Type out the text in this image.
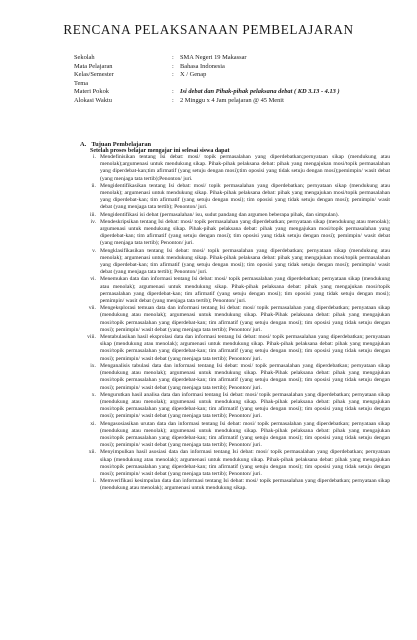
RENCANA PELAKSANAAN PEMBELAJARAN
Sekolah	: SMA Negeri 19 Makassar
Mata Pelajaran	: Bahasa Indonesia
Kelas/Semester	: X / Genap
Tema
Materi Pokok	: Isi debat dan Pihak-pihak pelaksana debat ( KD 3.13 - 4.13 )
Alokasi Waktu	: 2 Minggu x 4 Jam pelajaran @ 45 Menit
A. Tujuan Pembelajaran
Setelah proses belajar mengajar ini selesai siswa dapat
i. Mendefinisikan tentang Isi debat: mosi/ topik permasalahan yang diperdebatkan;pernyataan sikap (mendukung atau menolak);argumenasi untuk mendukung sikap. Pihak-pihak pelaksana debat: pihak yang mengajukan mosi/topik permasalahan yang diperdebat-kan;tim afirmatif (yang setuju dengan mosi);tim oposisi yang tidak setuju dengan mosi);pemimpin/ wasit debat (yang menjaga tata tertib);Penonton/ juri.
ii. Mengidentifikasikan tentang Isi debat: mosi/ topik permasalahan yang diperdebatkan; pernyataan sikap (mendukung atau menolak); argumenasi untuk mendukung sikap. Pihak-pihak pelaksana debat: pihak yang mengajukan mosi/topik permasalahan yang diperdebat-kan; tim afirmatif (yang setuju dengan mosi); tim oposisi yang tidak setuju dengan mosi); pemimpin/ wasit debat (yang menjaga tata tertib); Penonton/ juri.
iii. Mengidentifikasi isi debat (permasalahan/ isu, sudut pandang dan argumen beberapa pihak, dan simpulan).
iv. Mendeskripsikan tentang Isi debat: mosi/ topik permasalahan yang diperdebatkan; pernyataan sikap (mendukung atau menolak); argumenasi untuk mendukung sikap. Pihak-pihak pelaksana debat: pihak yang mengajukan mosi/topik permasalahan yang diperdebat-kan; tim afirmatif (yang setuju dengan mosi); tim oposisi yang tidak setuju dengan mosi); pemimpin/ wasit debat (yang menjaga tata tertib); Penonton/ juri.
v. Mengklasifikasikan tentang Isi debat: mosi/ topik permasalahan yang diperdebatkan; pernyataan sikap (mendukung atau menolak); argumenasi untuk mendukung sikap. Pihak-pihak pelaksana debat: pihak yang mengajukan mosi/topik permasalahan yang diperdebat-kan; tim afirmatif (yang setuju dengan mosi); tim oposisi yang tidak setuju dengan mosi); pemimpin/ wasit debat (yang menjaga tata tertib); Penonton/ juri.
vi. Menemukan data dan informasi tentang Isi debat: mosi/ topik permasalahan yang diperdebatkan; pernyataan sikap (mendukung atau menolak); argumenasi untuk mendukung sikap. Pihak-pihak pelaksana debat: pihak yang mengajukan mosi/topik permasalahan yang diperdebat-kan; tim afirmatif (yang setuju dengan mosi); tim oposisi yang tidak setuju dengan mosi); pemimpin/ wasit debat (yang menjaga tata tertib); Penonton/ juri.
vii. Mengeksplorasi temuan data dan informasi tentang Isi debat: mosi/ topik permasalahan yang diperdebatkan; pernyataan sikap (mendukung atau menolak); argumenasi untuk mendukung sikap. Pihak-Pihak pelaksana debat: pihak yang mengajukan mosi/topik permasalahan yang diperdebat-kan; tim afirmatif (yang setuju dengan mosi); tim oposisi yang tidak setuju dengan mosi); pemimpin/ wasit debat (yang menjaga tata tertib); Penonton/ juri.
viii. Mentabulasikan hasil eksprolasi data dan informasi tentang Isi debat: mosi/ topik permasalahan yang diperdebatkan; pernyataan sikap (mendukung atau menolak); argumenasi untuk mendukung sikap. Pihak-pihak pelaksana debat: pihak yang mengajukan mosi/topik permasalahan yang diperdebat-kan; tim afirmatif (yang setuju dengan mosi); tim oposisi yang tidak setuju dengan mosi); pemimpin/ wasit debat (yang menjaga tata tertib); Penonton/ juri.
ix. Menganalisis tabulasi data dan informasi tentang Isi debat: mosi/ topik permasalahan yang diperdebatkan; pernyataan sikap (mendukung atau menolak); argumenasi untuk mendukung sikap. Pihak-Pihak pelaksana debat: pihak yang mengajukan mosi/topik permasalahan yang diperdebat-kan; tim afirmatif (yang setuju dengan mosi); tim oposisi yang tidak setuju dengan mosi); pemimpin/ wasit debat (yang menjaga tata tertib); Penonton/ juri.
x. Mengurutkan hasil analisa data dan informasi tentang Isi debat: mosi/ topik permasalahan yang diperdebatkan; pernyataan sikap (mendukung atau menolak); argumenasi untuk mendukung sikap. Pihak-pihak pelaksana debat: pihak yang mengajukan mosi/topik permasalahan yang diperdebat-kan; tim afirmatif (yang setuju dengan mosi); tim oposisi yang tidak setuju dengan mosi); pemimpin/ wasit debat (yang menjaga tata tertib); Penonton/ juri.
xi. Mengasosiasikan urutan data dan informasi tentang Isi debat: mosi/ topik permasalahan yang diperdebatkan; pernyataan sikap (mendukung atau menolak); argumenasi untuk mendukung sikap. Pihak-pihak pelaksana debat: pihak yang mengajukan mosi/topik permasalahan yang diperdebat-kan; tim afirmatif (yang setuju dengan mosi); tim oposisi yang tidak setuju dengan mosi); pemimpin/ wasit debat (yang menjaga tata tertib); Penonton/ juri.
xii. Menyimpulkan hasil asosiasi data dan informasi tentang Isi debat: mosi/ topik permasalahan yang diperdebatkan; pernyataan sikap (mendukung atau menolak); argumenasi untuk mendukung sikap. Pihak-pihak pelaksana debat: pihak yang mengajukan mosi/topik permasalahan yang diperdebat-kan; tim afirmatif (yang setuju dengan mosi); tim oposisi yang tidak setuju dengan mosi); pemimpin/ wasit debat (yang menjaga tata tertib); Penonton/ juri.
i. Memverifikasi kesimpulan data dan informasi tentang Isi debat: mosi/ topik permasalahan yang diperdebatkan; pernyataan sikap (mendukung atau menolak); argumenasi untuk mendukung sikap.
